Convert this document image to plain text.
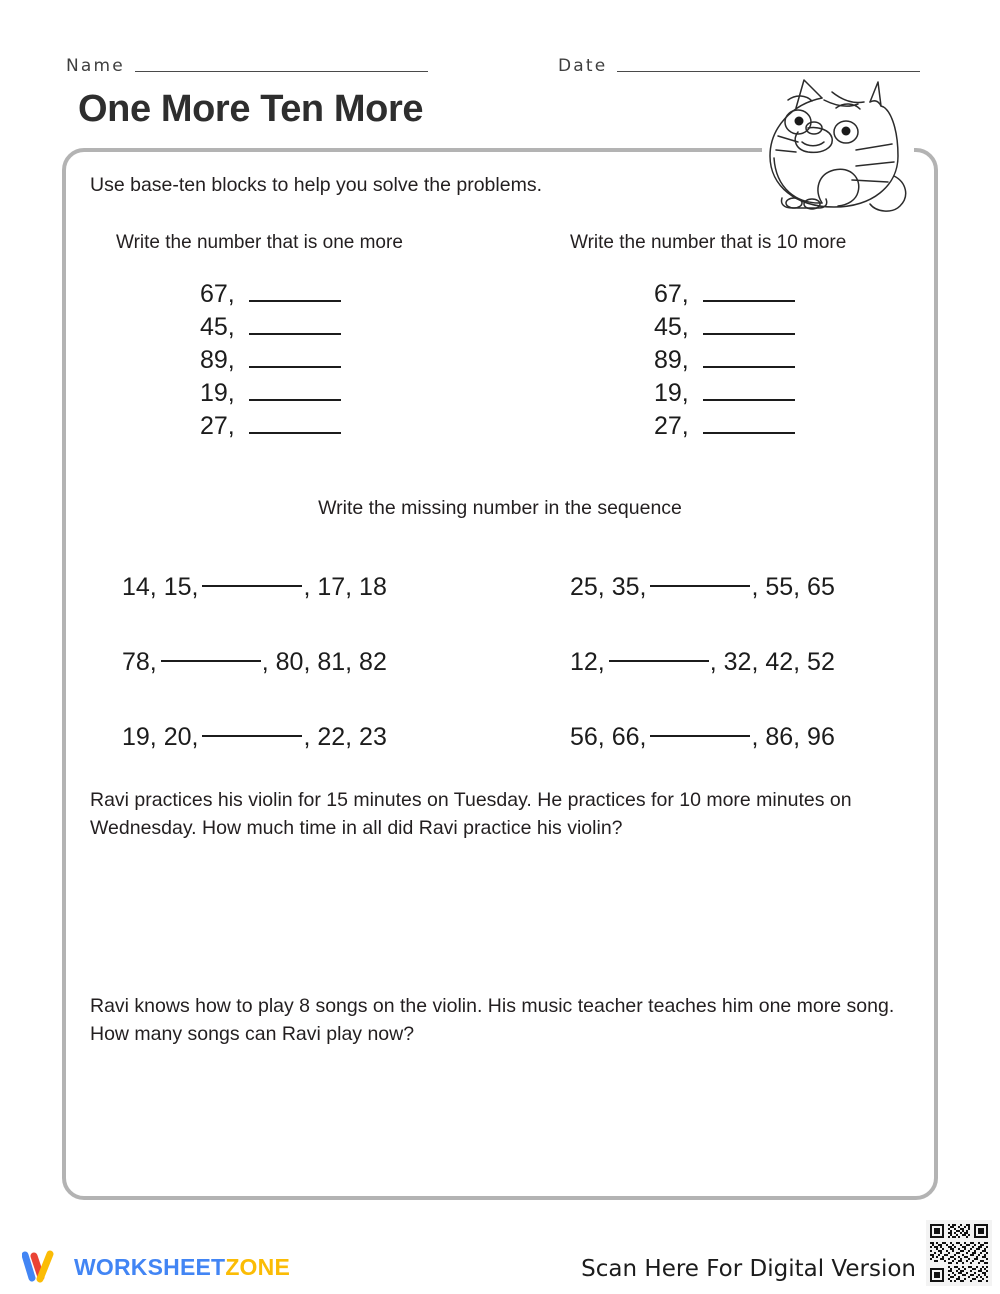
Name	Date
One More Ten More
Use base-ten blocks to help you solve the problems.
Write the number that is one more	Write the number that is 10 more
67,
45,
89,
19,
27,
67,
45,
89,
19,
27,
Write the missing number in the sequence
14, 15,	, 17, 18	25, 35,	, 55, 65
78,	, 80, 81, 82	12,	, 32, 42, 52
19, 20,	, 22, 23	56, 66,	, 86, 96
Ravi practices his violin for 15 minutes on Tuesday. He practices for 10 more minutes on Wednesday. How much time in all did Ravi practice his violin?
Ravi knows how to play 8 songs on the violin. His music teacher teaches him one more song. How many songs can Ravi play now?
WORKSHEETZONE	Scan Here For Digital Version
